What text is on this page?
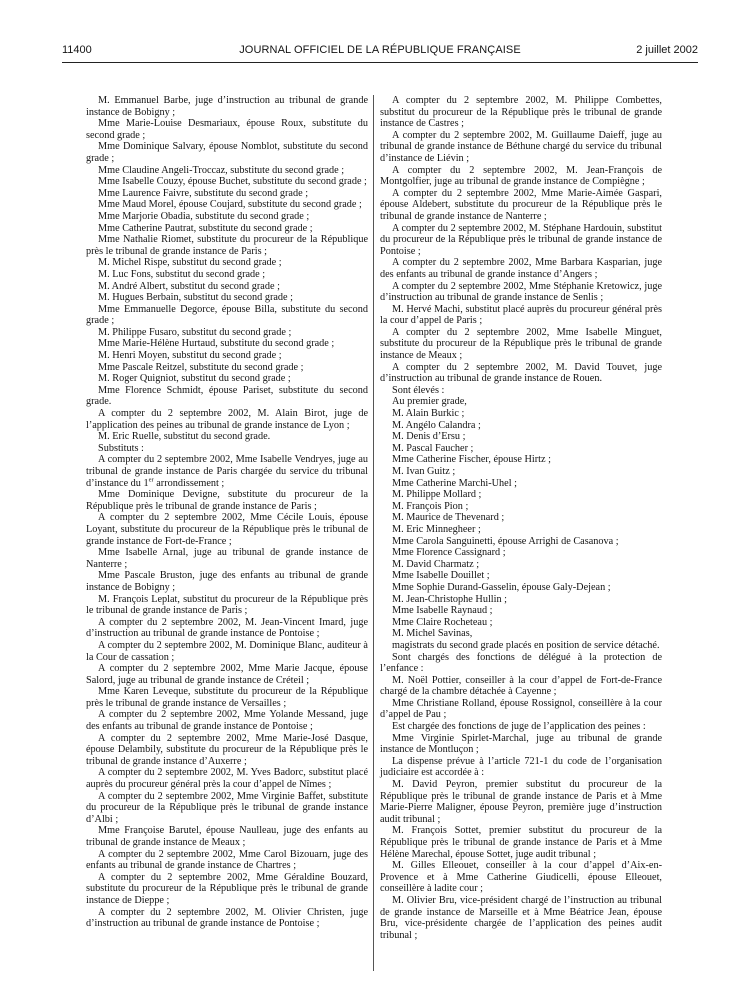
11400	JOURNAL OFFICIEL DE LA RÉPUBLIQUE FRANÇAISE	2 juillet 2002

M. Emmanuel Barbe, juge d’instruction au tribunal de grande instance de Bobigny ;

Mme Marie-Louise Desmariaux, épouse Roux, substitute du second grade ;

Mme Dominique Salvary, épouse Nomblot, substitute du second grade ;

Mme Claudine Angeli-Troccaz, substitute du second grade ;

Mme Isabelle Couzy, épouse Buchet, substitute du second grade ;

Mme Laurence Faivre, substitute du second grade ;

Mme Maud Morel, épouse Coujard, substitute du second grade ;

Mme Marjorie Obadia, substitute du second grade ;

Mme Catherine Pautrat, substitute du second grade ;

Mme Nathalie Riomet, substitute du procureur de la République près le tribunal de grande instance de Paris ;

M. Michel Rispe, substitut du second grade ;

M. Luc Fons, substitut du second grade ;

M. André Albert, substitut du second grade ;

M. Hugues Berbain, substitut du second grade ;

Mme Emmanuelle Degorce, épouse Billa, substitute du second grade ;

M. Philippe Fusaro, substitut du second grade ;

Mme Marie-Hélène Hurtaud, substitute du second grade ;

M. Henri Moyen, substitut du second grade ;

Mme Pascale Reitzel, substitute du second grade ;

M. Roger Quigniot, substitut du second grade ;

Mme Florence Schmidt, épouse Pariset, substitute du second grade.

A compter du 2 septembre 2002, M. Alain Birot, juge de l’application des peines au tribunal de grande instance de Lyon ;

M. Eric Ruelle, substitut du second grade.

Substituts :

A compter du 2 septembre 2002, Mme Isabelle Vendryes, juge au tribunal de grande instance de Paris chargée du service du tribunal d’instance du 1er arrondissement ;

Mme Dominique Devigne, substitute du procureur de la République près le tribunal de grande instance de Paris ;

A compter du 2 septembre 2002, Mme Cécile Louis, épouse Loyant, substitute du procureur de la République près le tribunal de grande instance de Fort-de-France ;

Mme Isabelle Arnal, juge au tribunal de grande instance de Nanterre ;

Mme Pascale Bruston, juge des enfants au tribunal de grande instance de Bobigny ;

M. François Leplat, substitut du procureur de la République près le tribunal de grande instance de Paris ;

A compter du 2 septembre 2002, M. Jean-Vincent Imard, juge d’instruction au tribunal de grande instance de Pontoise ;

A compter du 2 septembre 2002, M. Dominique Blanc, auditeur à la Cour de cassation ;

A compter du 2 septembre 2002, Mme Marie Jacque, épouse Salord, juge au tribunal de grande instance de Créteil ;

Mme Karen Leveque, substitute du procureur de la République près le tribunal de grande instance de Versailles ;

A compter du 2 septembre 2002, Mme Yolande Messand, juge des enfants au tribunal de grande instance de Pontoise ;

A compter du 2 septembre 2002, Mme Marie-José Dasque, épouse Delambily, substitute du procureur de la République près le tribunal de grande instance d’Auxerre ;

A compter du 2 septembre 2002, M. Yves Badorc, substitut placé auprès du procureur général près la cour d’appel de Nîmes ;

A compter du 2 septembre 2002, Mme Virginie Baffet, substitute du procureur de la République près le tribunal de grande instance d’Albi ;

Mme Françoise Barutel, épouse Naulleau, juge des enfants au tribunal de grande instance de Meaux ;

A compter du 2 septembre 2002, Mme Carol Bizouarn, juge des enfants au tribunal de grande instance de Chartres ;

A compter du 2 septembre 2002, Mme Géraldine Bouzard, substitute du procureur de la République près le tribunal de grande instance de Dieppe ;

A compter du 2 septembre 2002, M. Olivier Christen, juge d’instruction au tribunal de grande instance de Pontoise ;

A compter du 2 septembre 2002, M. Philippe Combettes, substitut du procureur de la République près le tribunal de grande instance de Castres ;

A compter du 2 septembre 2002, M. Guillaume Daieff, juge au tribunal de grande instance de Béthune chargé du service du tribunal d’instance de Liévin ;

A compter du 2 septembre 2002, M. Jean-François de Montgolfier, juge au tribunal de grande instance de Compiègne ;

A compter du 2 septembre 2002, Mme Marie-Aimée Gaspari, épouse Aldebert, substitute du procureur de la République près le tribunal de grande instance de Nanterre ;

A compter du 2 septembre 2002, M. Stéphane Hardouin, substitut du procureur de la République près le tribunal de grande instance de Pontoise ;

A compter du 2 septembre 2002, Mme Barbara Kasparian, juge des enfants au tribunal de grande instance d’Angers ;

A compter du 2 septembre 2002, Mme Stéphanie Kretowicz, juge d’instruction au tribunal de grande instance de Senlis ;

M. Hervé Machi, substitut placé auprès du procureur général près la cour d’appel de Paris ;

A compter du 2 septembre 2002, Mme Isabelle Minguet, substitute du procureur de la République près le tribunal de grande instance de Meaux ;

A compter du 2 septembre 2002, M. David Touvet, juge d’instruction au tribunal de grande instance de Rouen.

Sont élevés :

Au premier grade,

M. Alain Burkic ;

M. Angélo Calandra ;

M. Denis d’Ersu ;

M. Pascal Faucher ;

Mme Catherine Fischer, épouse Hirtz ;

M. Ivan Guitz ;

Mme Catherine Marchi-Uhel ;

M. Philippe Mollard ;

M. François Pion ;

M. Maurice de Thevenard ;

M. Eric Minnegheer ;

Mme Carola Sanguinetti, épouse Arrighi de Casanova ;

Mme Florence Cassignard ;

M. David Charmatz ;

Mme Isabelle Douillet ;

Mme Sophie Durand-Gasselin, épouse Galy-Dejean ;

M. Jean-Christophe Hullin ;

Mme Isabelle Raynaud ;

Mme Claire Rocheteau ;

M. Michel Savinas,

magistrats du second grade placés en position de service détaché.

Sont chargés des fonctions de délégué à la protection de l’enfance :

M. Noël Pottier, conseiller à la cour d’appel de Fort-de-France chargé de la chambre détachée à Cayenne ;

Mme Christiane Rolland, épouse Rossignol, conseillère à la cour d’appel de Pau ;

Est chargée des fonctions de juge de l’application des peines :

Mme Virginie Spirlet-Marchal, juge au tribunal de grande instance de Montluçon ;

La dispense prévue à l’article 721-1 du code de l’organisation judiciaire est accordée à :

M. David Peyron, premier substitut du procureur de la République près le tribunal de grande instance de Paris et à Mme Marie-Pierre Maligner, épouse Peyron, première juge d’instruction audit tribunal ;

M. François Sottet, premier substitut du procureur de la République près le tribunal de grande instance de Paris et à Mme Hélène Marechal, épouse Sottet, juge audit tribunal ;

M. Gilles Elleouet, conseiller à la cour d’appel d’Aix-en-Provence et à Mme Catherine Giudicelli, épouse Elleouet, conseillère à ladite cour ;

M. Olivier Bru, vice-président chargé de l’instruction au tribunal de grande instance de Marseille et à Mme Béatrice Jean, épouse Bru, vice-présidente chargée de l’application des peines audit tribunal ;
